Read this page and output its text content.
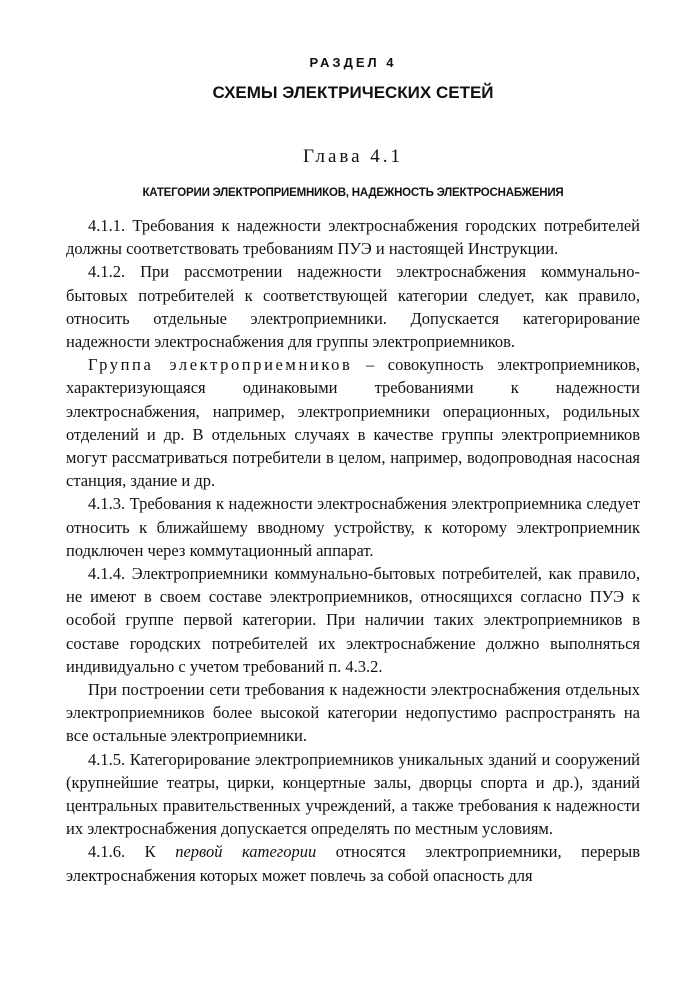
РАЗДЕЛ 4
СХЕМЫ ЭЛЕКТРИЧЕСКИХ СЕТЕЙ
Глава 4.1
КАТЕГОРИИ ЭЛЕКТРОПРИЕМНИКОВ, НАДЕЖНОСТЬ ЭЛЕКТРОСНАБЖЕНИЯ

4.1.1. Требования к надежности электроснабжения городских потребителей должны соответствовать требованиям ПУЭ и настоящей Инструкции.

4.1.2. При рассмотрении надежности электроснабжения коммунально-бытовых потребителей к соответствующей категории следует, как правило, относить отдельные электроприемники. Допускается категорирование надежности электроснабжения для группы электроприемников.

Группа электроприемников – совокупность электроприемников, характеризующаяся одинаковыми требованиями к надежности электроснабжения, например, электроприемники операционных, родильных отделений и др. В отдельных случаях в качестве группы электроприемников могут рассматриваться потребители в целом, например, водопроводная насосная станция, здание и др.

4.1.3. Требования к надежности электроснабжения электроприемника следует относить к ближайшему вводному устройству, к которому электроприемник подключен через коммутационный аппарат.

4.1.4. Электроприемники коммунально-бытовых потребителей, как правило, не имеют в своем составе электроприемников, относящихся согласно ПУЭ к особой группе первой категории. При наличии таких электроприемников в составе городских потребителей их электроснабжение должно выполняться индивидуально с учетом требований п. 4.3.2.

При построении сети требования к надежности электроснабжения отдельных электроприемников более высокой категории недопустимо распространять на все остальные электроприемники.

4.1.5. Категорирование электроприемников уникальных зданий и сооружений (крупнейшие театры, цирки, концертные залы, дворцы спорта и др.), зданий центральных правительственных учреждений, а также требования к надежности их электроснабжения допускается определять по местным условиям.

4.1.6. К первой категории относятся электроприемники, перерыв электроснабжения которых может повлечь за собой опасность для
